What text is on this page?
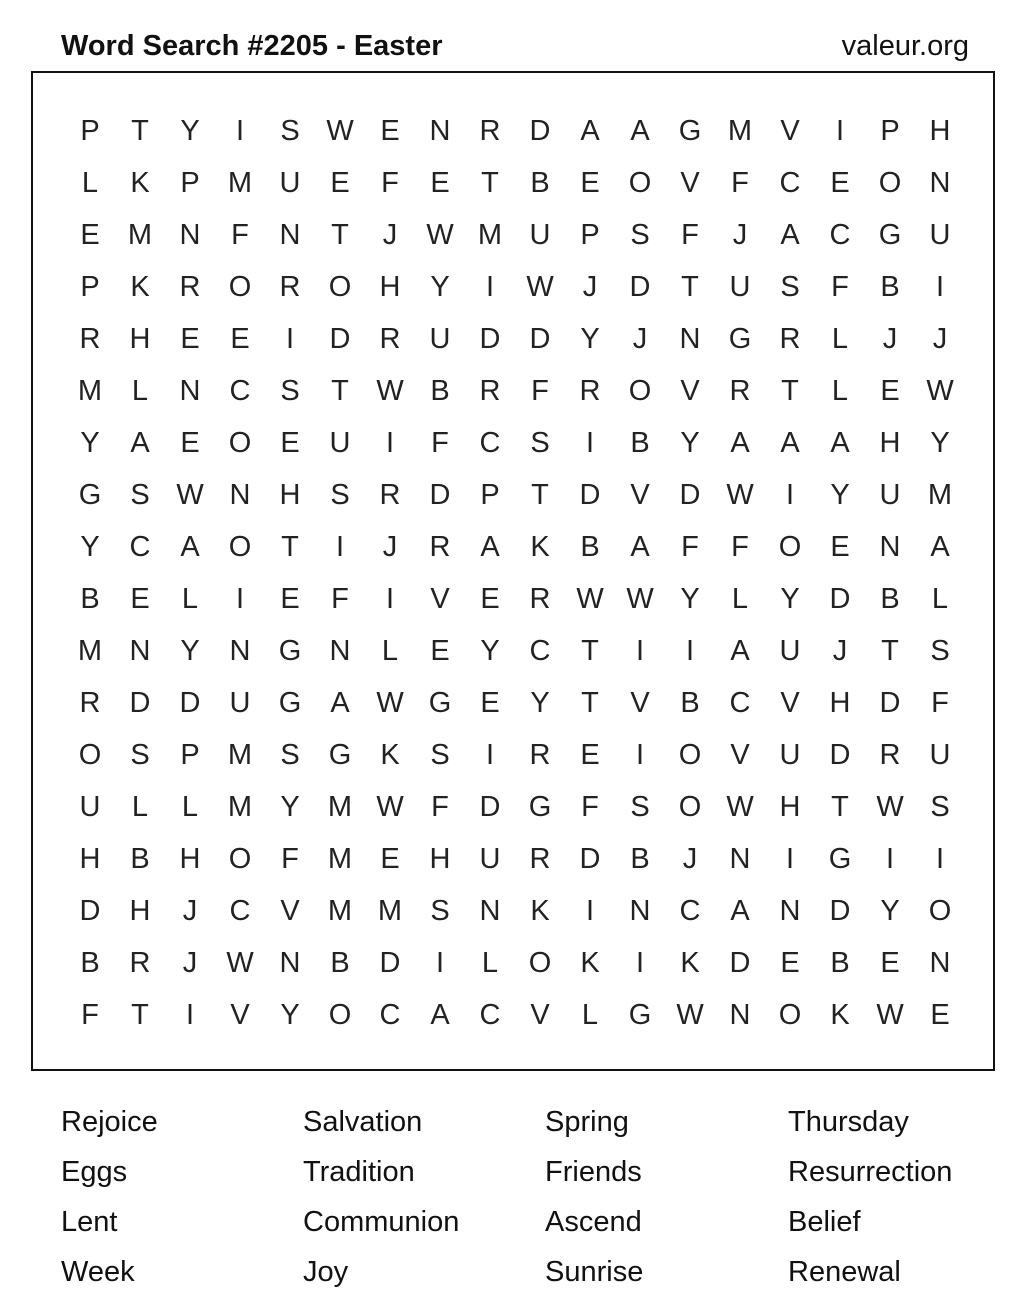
Word Search #2205 - Easter	valeur.org
P	T	Y	I	S W E	N	R	D	A	A	G M V	I	P	H
L	K	P M U	E	F	E	T	B	E	O	V	F	C	E	O N
E M N	F	N	T	J	W M U	P	S	F	J	A	C G U
P	K	R O R O H	Y	I	W	J	D	T	U	S	F	B	I
R	H	E	E	I	D	R	U	D	D	Y	J	N G R	L	J	J
M	L	N	C	S	T W B	R	F	R O	V	R	T	L	E W
Y	A	E	O	E	U	I	F	C	S	I	B	Y	A	A	A	H	Y
G	S W N	H	S	R	D	P	T	D	V	D W	I	Y	U M
Y	C	A	O	T	I	J	R	A	K	B	A	F	F	O	E	N	A
B	E	L	I	E	F	I	V	E	R W W Y	L	Y	D	B	L
M N	Y	N G N	L	E	Y	C	T	I	I	A	U	J	T	S
R	D	D	U G	A W G	E	Y	T	V	B	C	V	H	D	F
O	S	P M S	G	K	S	I	R	E	I	O	V	U	D	R	U
U	L	L	M Y M W F	D G	F	S	O W H	T W S
H	B	H O	F	M E	H	U	R	D	B	J	N	I	G	I	I
D	H	J	C	V M M S	N	K	I	N	C	A	N	D	Y	O
B	R	J	W N	B	D	I	L	O	K	I	K	D	E	B	E	N
F	T	I	V	Y	O C	A	C	V	L	G W N O	K W E
Rejoice
Eggs
Lent
Week
Salvation
Tradition
Communion
Joy
Spring
Friends
Ascend
Sunrise
Thursday
Resurrection
Belief
Renewal
